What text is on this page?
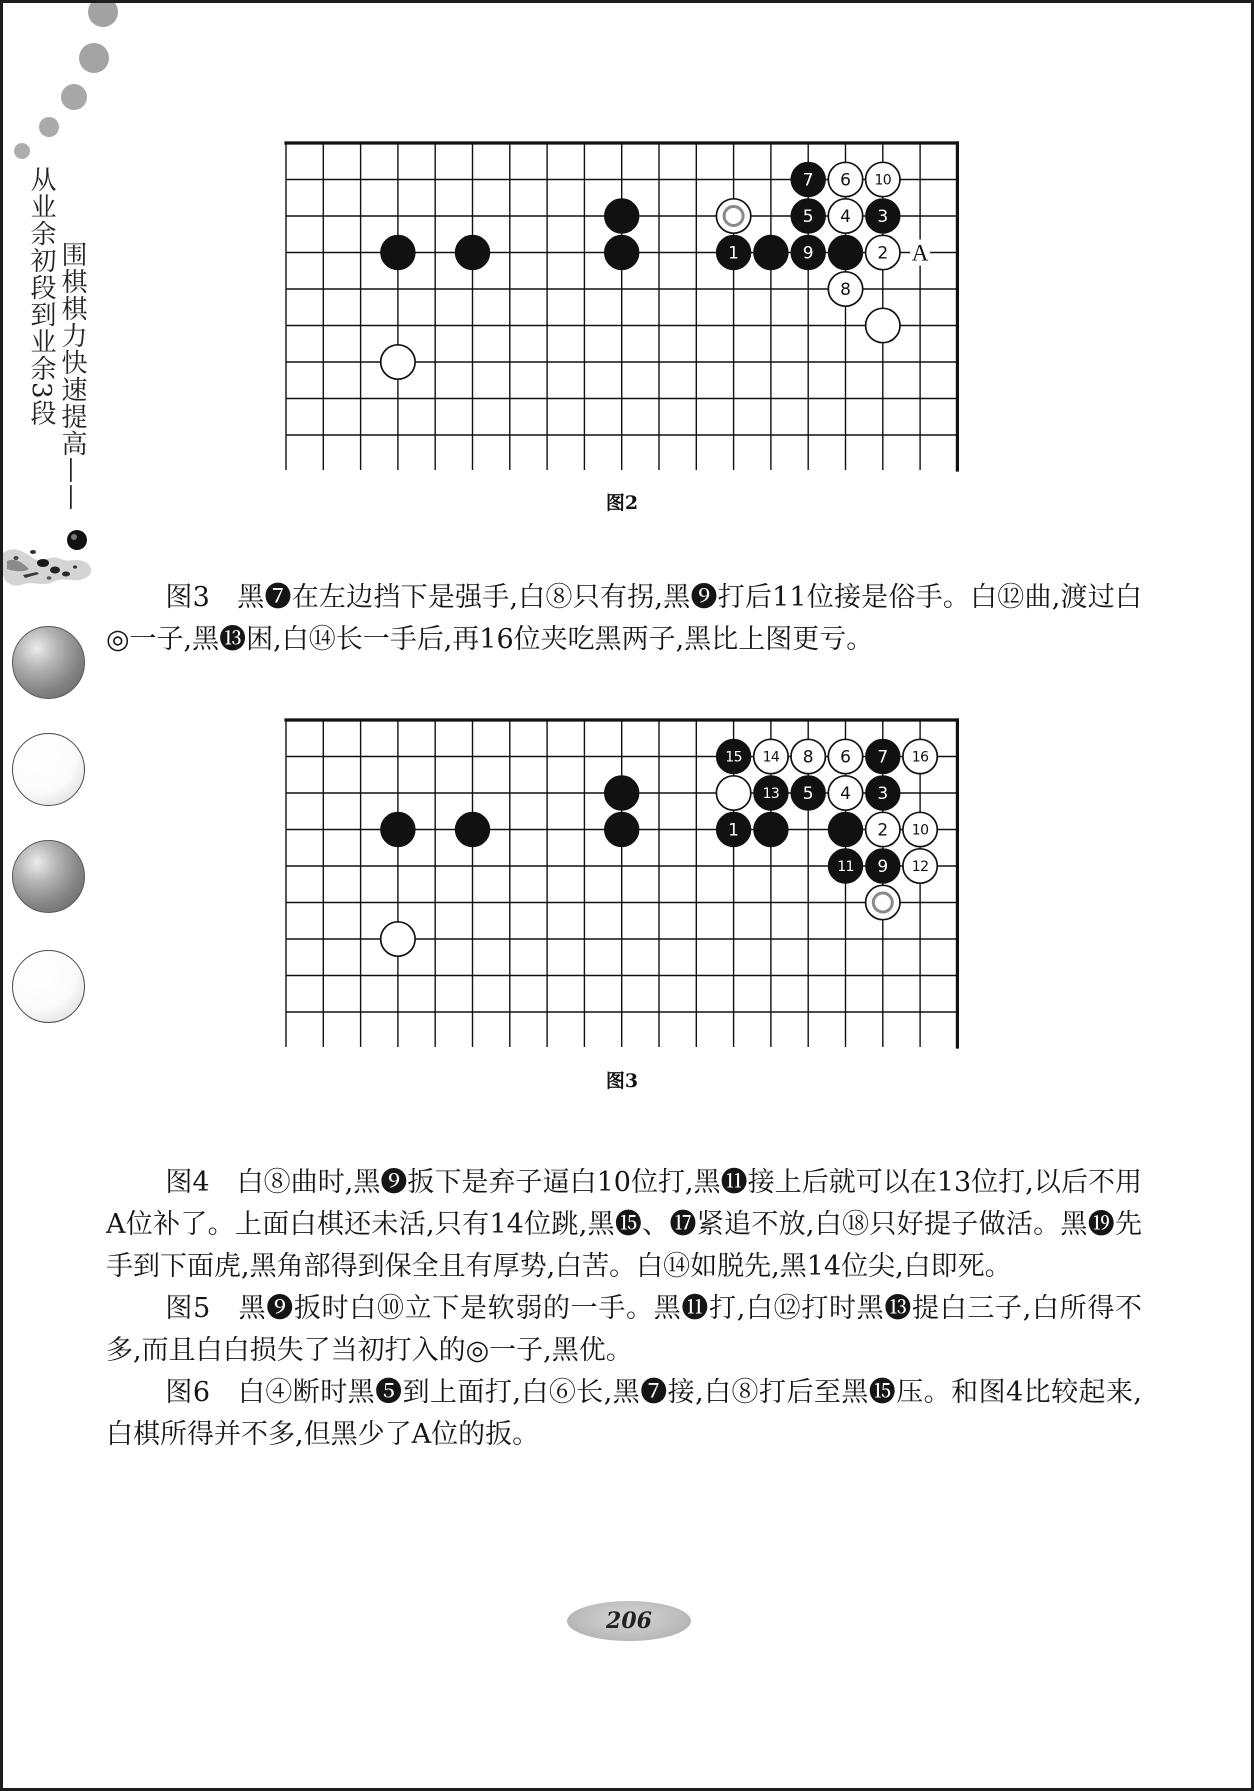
围棋棋力快速提高——
从业余初段到业余3段	7 6 10
5 4 3
1	9	2 A
8
图2

图3　黑❼在左边挡下是强手,白⑧只有拐,黑❾打后11位接是俗手。白⑫曲,渡过白◎一子,黑⓭困,白⑭长一手后,再16位夹吃黑两子,黑比上图更亏。

15 14 8 6 7 16
13 5 4 3
1	2 10
11 9 12
图3

图4　白⑧曲时,黑❾扳下是弃子逼白10位打,黑⓫接上后就可以在13位打,以后不用A位补了。上面白棋还未活,只有14位跳,黑⓯、⓱紧追不放,白⑱只好提子做活。黑⓳先手到下面虎,黑角部得到保全且有厚势,白苦。白⑭如脱先,黑14位尖,白即死。

图5　黑❾扳时白⑩立下是软弱的一手。黑⓫打,白⑫打时黑⓭提白三子,白所得不多,而且白白损失了当初打入的◎一子,黑优。

图6　白④断时黑❺到上面打,白⑥长,黑❼接,白⑧打后至黑⓯压。和图4比较起来,白棋所得并不多,但黑少了A位的扳。

206
